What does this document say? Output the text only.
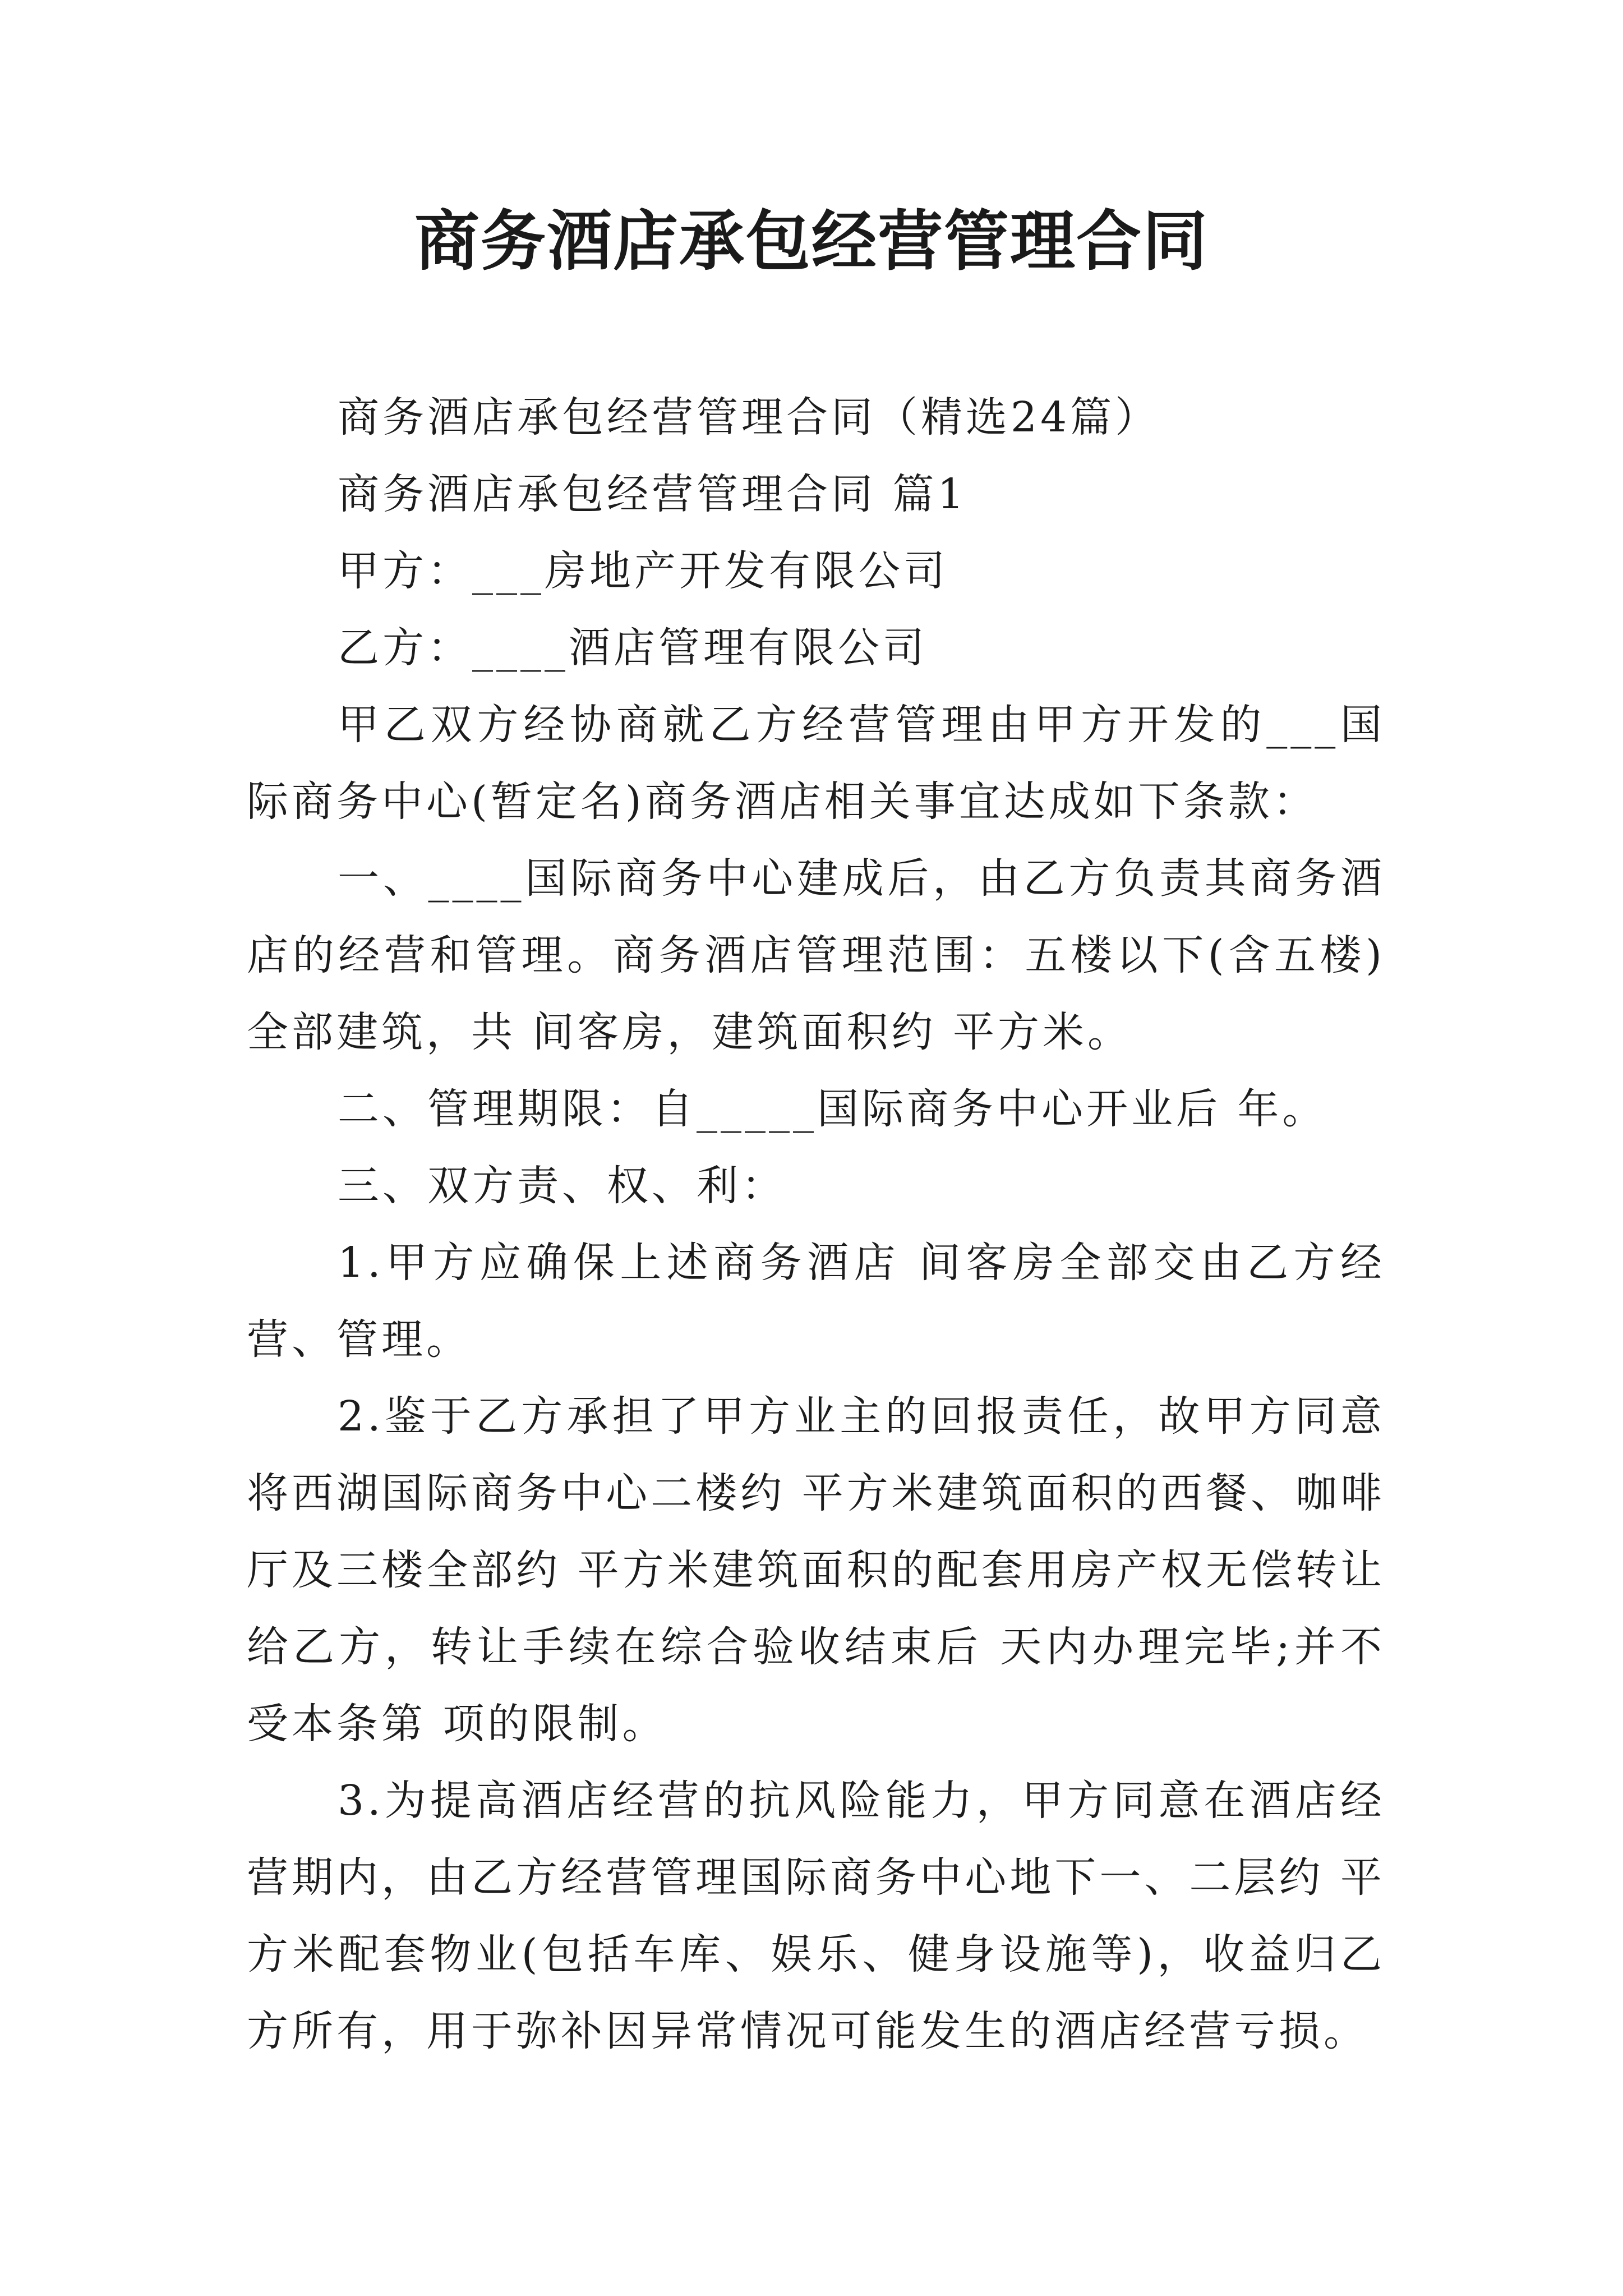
商务酒店承包经营管理合同

商务酒店承包经营管理合同（精选24篇）

商务酒店承包经营管理合同 篇1

甲方：___房地产开发有限公司

乙方：____酒店管理有限公司

甲乙双方经协商就乙方经营管理由甲方开发的___国际商务中心(暂定名)商务酒店相关事宜达成如下条款：

一、____国际商务中心建成后，由乙方负责其商务酒店的经营和管理。商务酒店管理范围：五楼以下(含五楼)全部建筑，共 间客房，建筑面积约 平方米。

二、管理期限：自_____国际商务中心开业后 年。

三、双方责、权、利：

1.甲方应确保上述商务酒店 间客房全部交由乙方经营、管理。

2.鉴于乙方承担了甲方业主的回报责任，故甲方同意将西湖国际商务中心二楼约 平方米建筑面积的西餐、咖啡厅及三楼全部约 平方米建筑面积的配套用房产权无偿转让给乙方，转让手续在综合验收结束后 天内办理完毕;并不受本条第 项的限制。

3.为提高酒店经营的抗风险能力，甲方同意在酒店经营期内，由乙方经营管理国际商务中心地下一、二层约 平方米配套物业(包括车库、娱乐、健身设施等)，收益归乙方所有，用于弥补因异常情况可能发生的酒店经营亏损。
